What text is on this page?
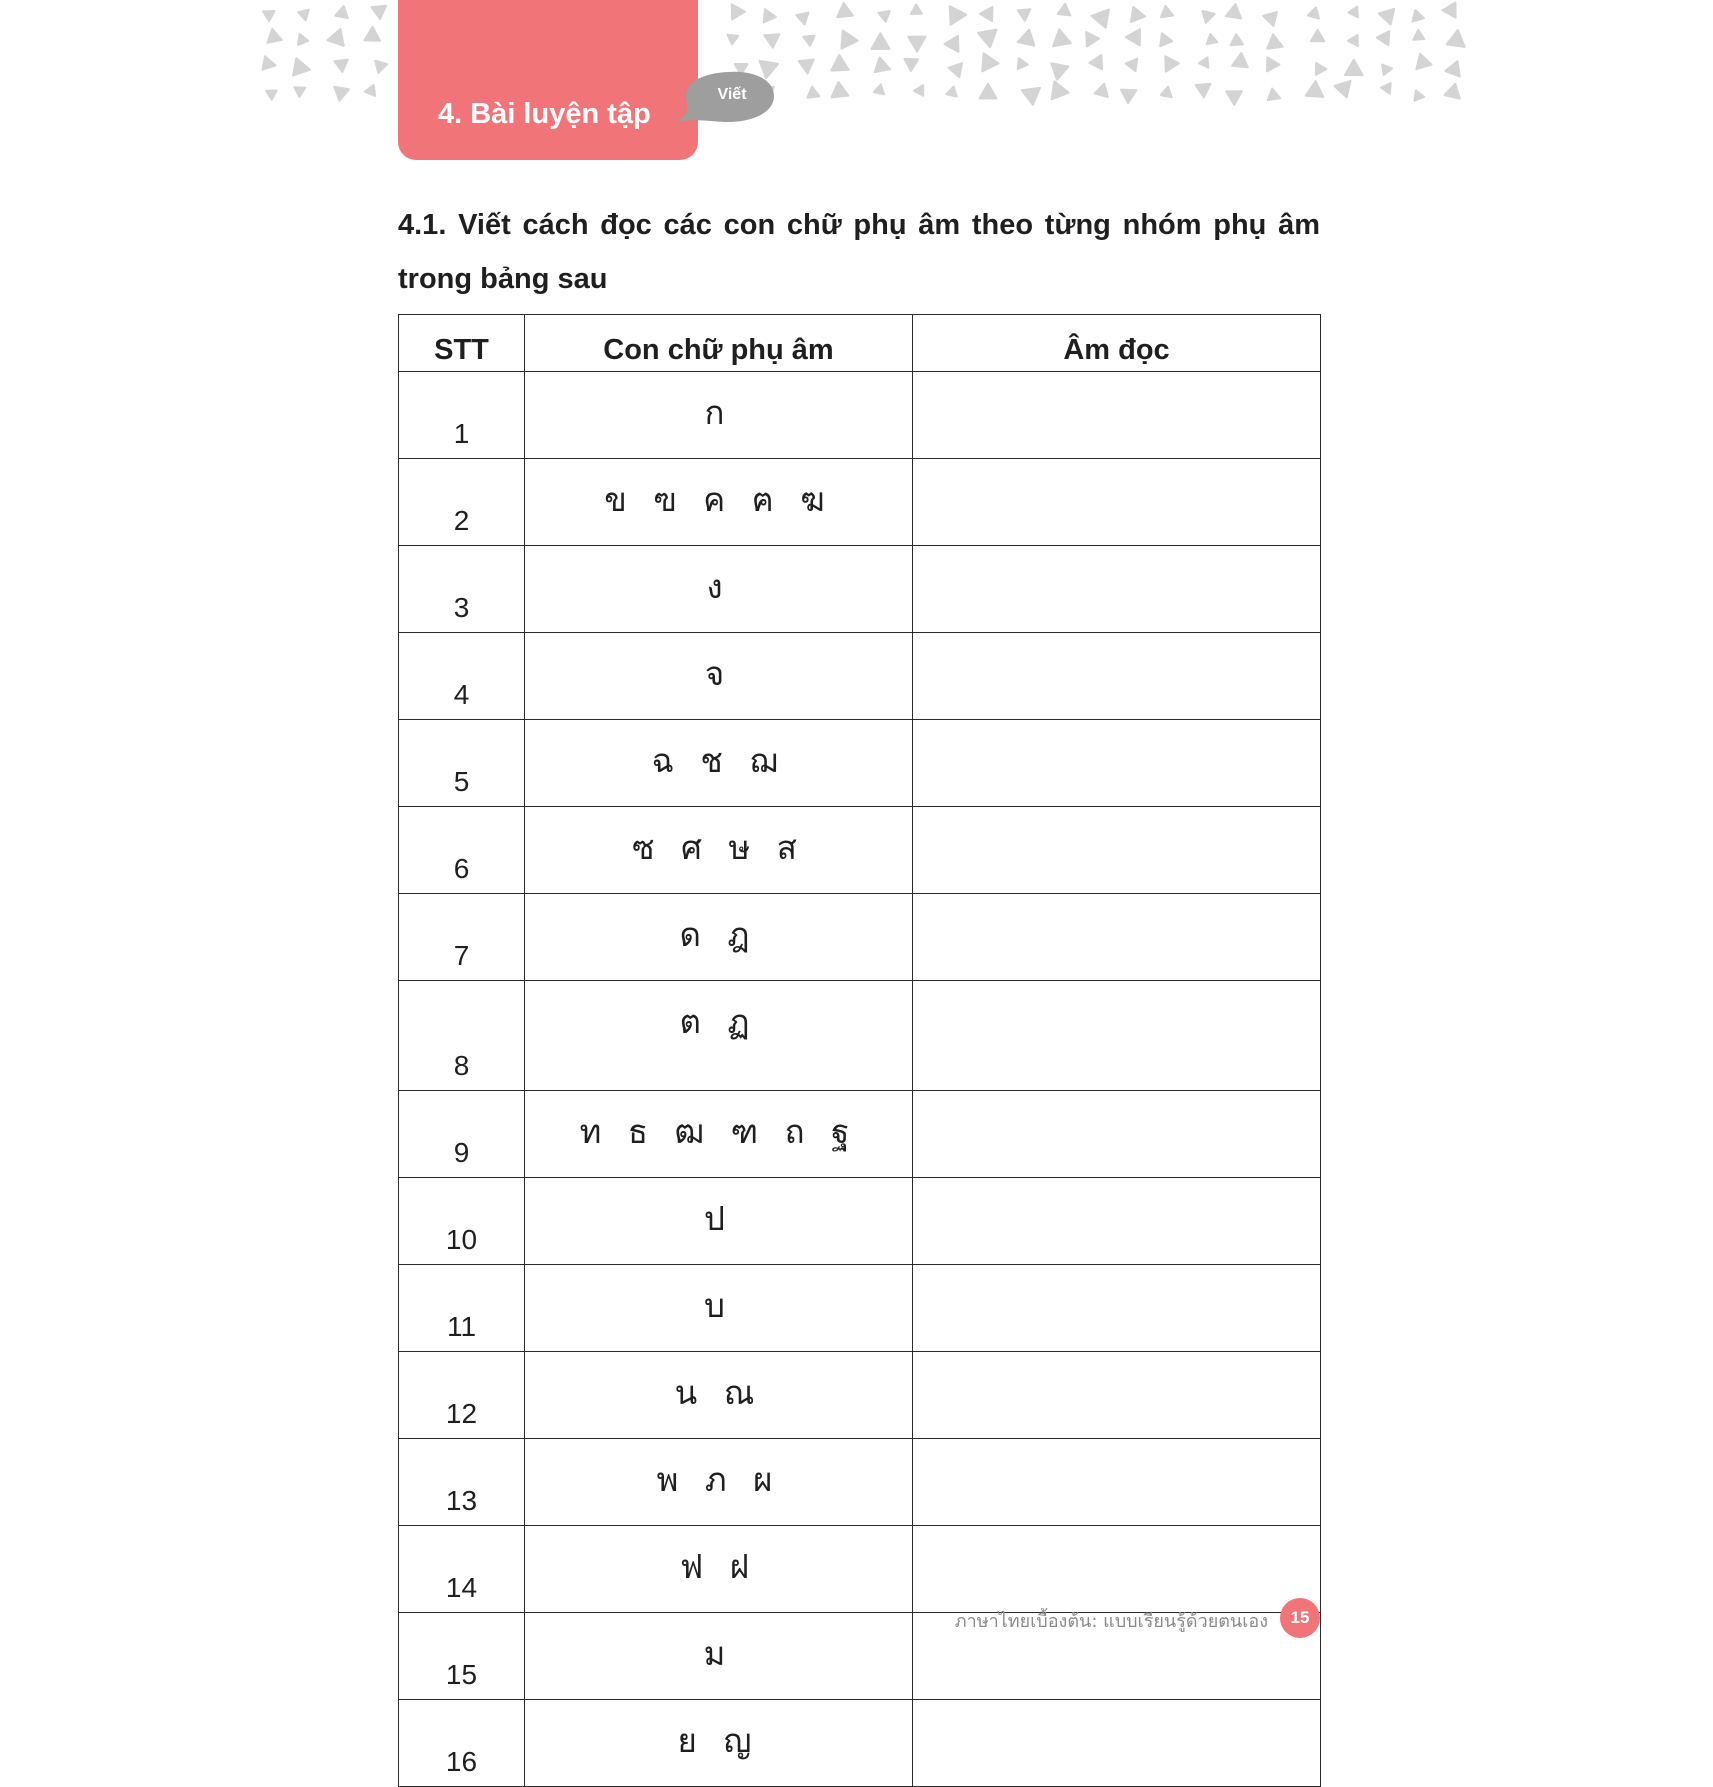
4. Bài luyện tập
Viết
4.1. Viết cách đọc các con chữ phụ âm theo từng nhóm phụ âm trong bảng sau
STT	Con chữ phụ âm	Âm đọc
1	ก	
2	ข ฃ ค ฅ ฆ	
3	ง	
4	จ	
5	ฉ ช ฌ	
6	ซ ศ ษ ส	
7	ด ฎ	
8	ต ฏ	
9	ท ธ ฒ ฑ ถ ฐ	
10	ป	
11	บ	
12	น ณ	
13	พ ภ ผ	
14	ฟ ฝ	
15	ม	
16	ย ญ	
ภาษาไทยเบื้องต้น: แบบเรียนรู้ด้วยตนเอง	15
